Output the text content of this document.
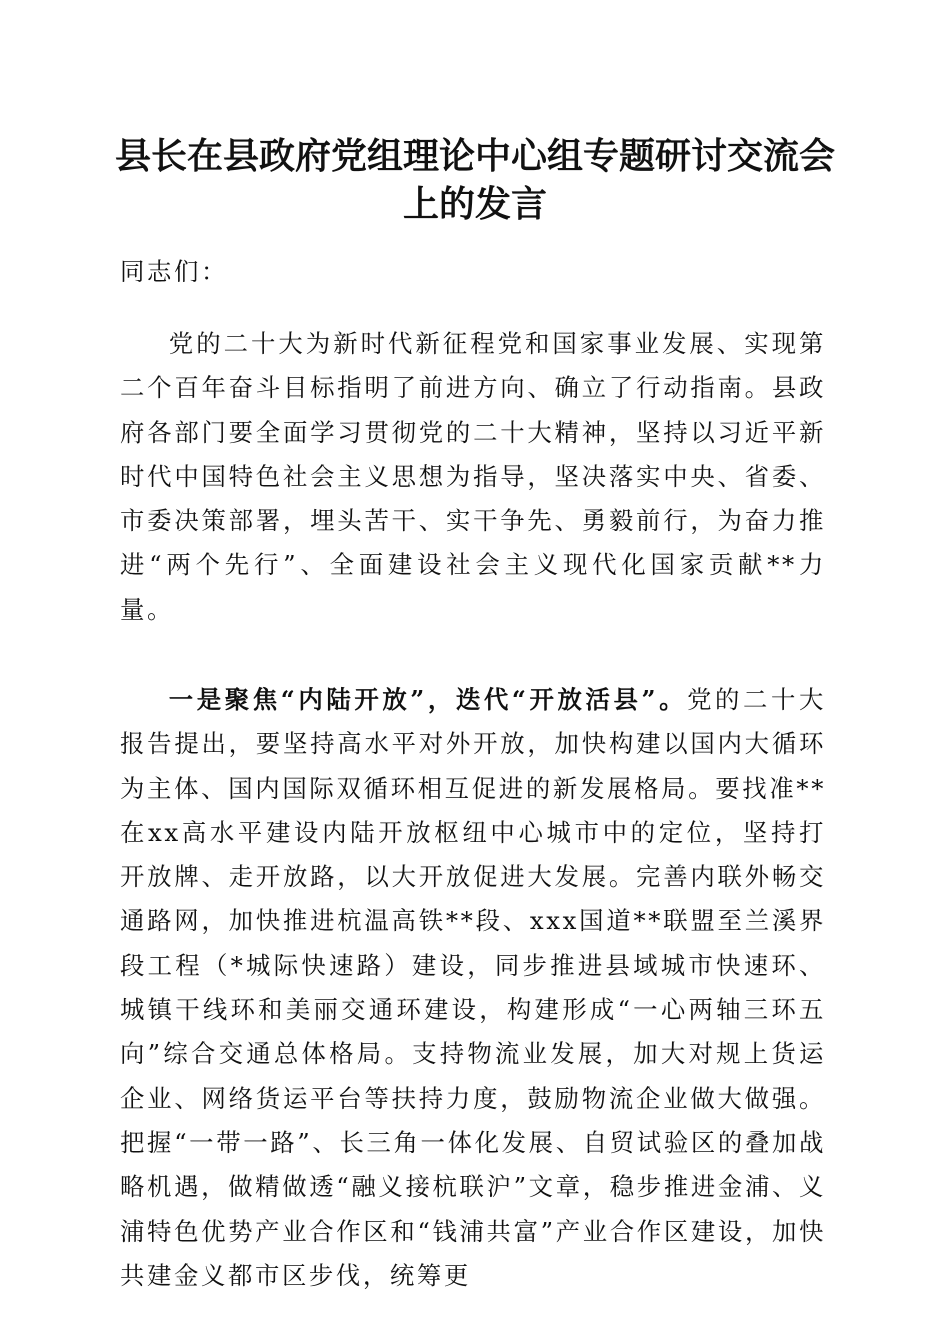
县长在县政府党组理论中心组专题研讨交流会
上的发言
同志们：
党的二十大为新时代新征程党和国家事业发展、实现第二个百年奋斗目标指明了前进方向、确立了行动指南。县政府各部门要全面学习贯彻党的二十大精神，坚持以习近平新时代中国特色社会主义思想为指导，坚决落实中央、省委、市委决策部署，埋头苦干、实干争先、勇毅前行，为奋力推进“两个先行”、全面建设社会主义现代化国家贡献**力量。
一是聚焦“内陆开放”，迭代“开放活县”。党的二十大报告提出，要坚持高水平对外开放，加快构建以国内大循环为主体、国内国际双循环相互促进的新发展格局。要找准**在xx高水平建设内陆开放枢纽中心城市中的定位，坚持打开放牌、走开放路，以大开放促进大发展。完善内联外畅交通路网，加快推进杭温高铁**段、xxx国道**联盟至兰溪界段工程（*城际快速路）建设，同步推进县域城市快速环、城镇干线环和美丽交通环建设，构建形成“一心两轴三环五向”综合交通总体格局。支持物流业发展，加大对规上货运企业、网络货运平台等扶持力度，鼓励物流企业做大做强。把握“一带一路”、长三角一体化发展、自贸试验区的叠加战略机遇，做精做透“融义接杭联沪”文章，稳步推进金浦、义浦特色优势产业合作区和“钱浦共富”产业合作区建设，加快共建金义都市区步伐，统筹更
